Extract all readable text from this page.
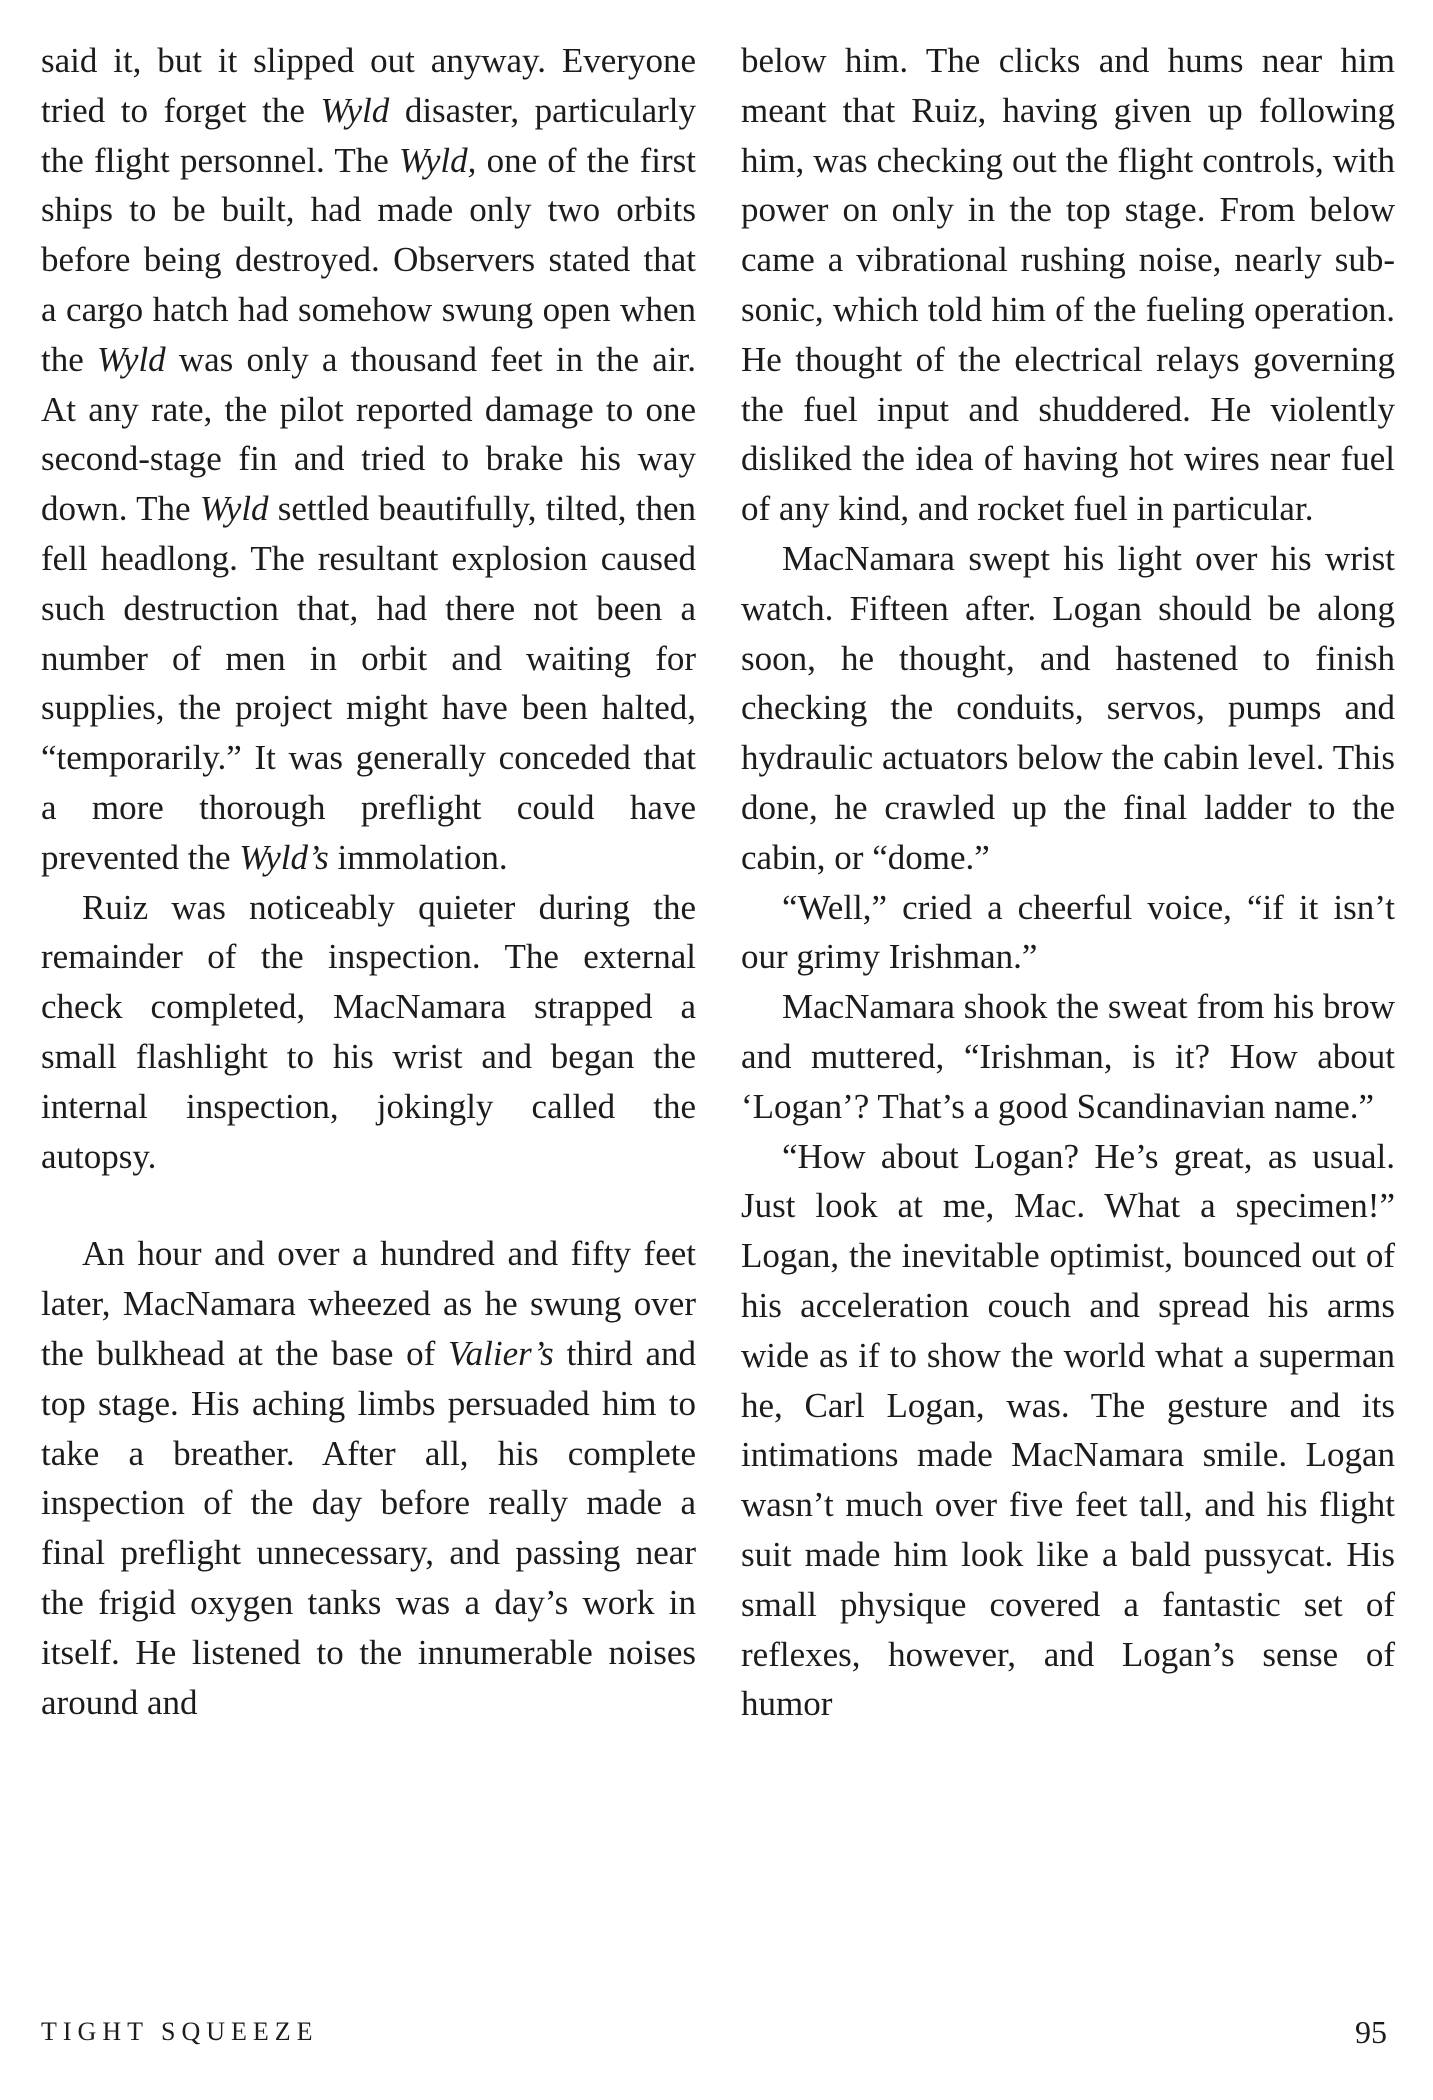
said it, but it slipped out anyway. Everyone tried to forget the Wyld disaster, particularly the flight personnel. The Wyld, one of the first ships to be built, had made only two orbits before being destroyed. Observers stated that a cargo hatch had somehow swung open when the Wyld was only a thousand feet in the air. At any rate, the pilot reported damage to one second-stage fin and tried to brake his way down. The Wyld settled beautifully, tilted, then fell headlong. The resultant explosion caused such destruction that, had there not been a number of men in orbit and waiting for supplies, the project might have been halted, “temporarily.” It was generally conceded that a more thorough preflight could have prevented the Wyld’s immolation.

Ruiz was noticeably quieter during the remainder of the inspection. The external check completed, MacNamara strapped a small flashlight to his wrist and began the internal inspection, jokingly called the autopsy.

An hour and over a hundred and fifty feet later, MacNamara wheezed as he swung over the bulkhead at the base of Valier’s third and top stage. His aching limbs persuaded him to take a breather. After all, his complete inspection of the day before really made a final preflight unnecessary, and passing near the frigid oxygen tanks was a day’s work in itself. He listened to the innumerable noises around and

below him. The clicks and hums near him meant that Ruiz, having given up following him, was checking out the flight controls, with power on only in the top stage. From below came a vibrational rushing noise, nearly subsonic, which told him of the fueling operation. He thought of the electrical relays governing the fuel input and shuddered. He violently disliked the idea of having hot wires near fuel of any kind, and rocket fuel in particular.

MacNamara swept his light over his wrist watch. Fifteen after. Logan should be along soon, he thought, and hastened to finish checking the conduits, servos, pumps and hydraulic actuators below the cabin level. This done, he crawled up the final ladder to the cabin, or “dome.”

“Well,” cried a cheerful voice, “if it isn’t our grimy Irishman.”

MacNamara shook the sweat from his brow and muttered, “Irishman, is it? How about ‘Logan’? That’s a good Scandinavian name.”

“How about Logan? He’s great, as usual. Just look at me, Mac. What a specimen!” Logan, the inevitable optimist, bounced out of his acceleration couch and spread his arms wide as if to show the world what a superman he, Carl Logan, was. The gesture and its intimations made MacNamara smile. Logan wasn’t much over five feet tall, and his flight suit made him look like a bald pussycat. His small physique covered a fantastic set of reflexes, however, and Logan’s sense of humor

TIGHT SQUEEZE	95
